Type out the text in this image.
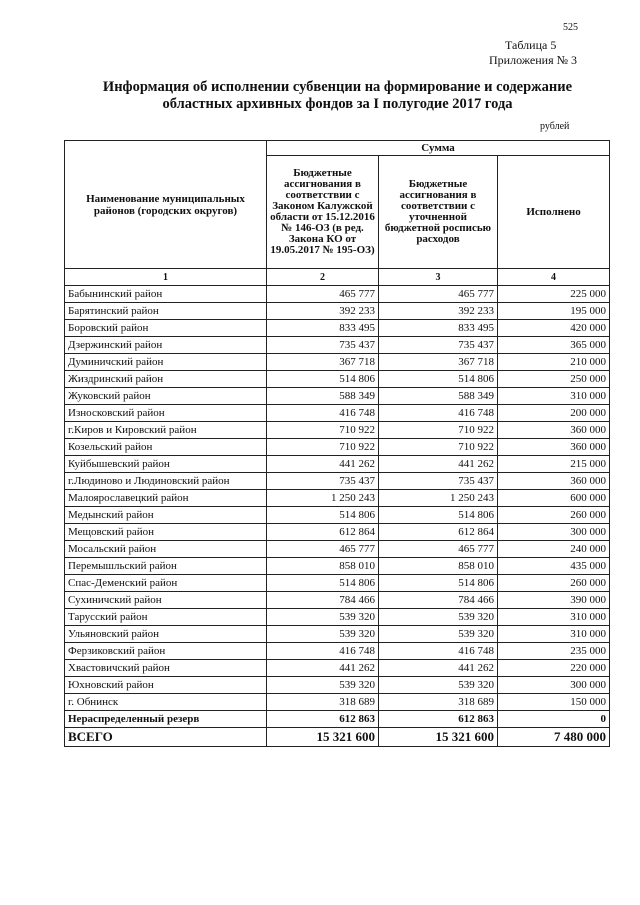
525
Таблица 5
Приложения № 3
Информация об исполнении субвенции на формирование и содержание
областных архивных фондов за I полугодие 2017 года
рублей
Наименование муниципальных районов (городских округов)	Сумма		
	Бюджетные ассигнования в соответствии с Законом Калужской области от 15.12.2016 № 146-ОЗ (в ред. Закона КО от 19.05.2017 № 195-ОЗ)	Бюджетные ассигнования в соответствии с уточненной бюджетной росписью расходов	Исполнено
1	2	3	4
Бабынинский район	465 777	465 777	225 000
Барятинский район	392 233	392 233	195 000
Боровский район	833 495	833 495	420 000
Дзержинский район	735 437	735 437	365 000
Думиничский район	367 718	367 718	210 000
Жиздринский район	514 806	514 806	250 000
Жуковский район	588 349	588 349	310 000
Износковский район	416 748	416 748	200 000
г.Киров и Кировский район	710 922	710 922	360 000
Козельский район	710 922	710 922	360 000
Куйбышевский район	441 262	441 262	215 000
г.Людиново и Людиновский район	735 437	735 437	360 000
Малоярославецкий район	1 250 243	1 250 243	600 000
Медынский район	514 806	514 806	260 000
Мещовский район	612 864	612 864	300 000
Мосальский район	465 777	465 777	240 000
Перемышльский район	858 010	858 010	435 000
Спас-Деменский район	514 806	514 806	260 000
Сухиничский район	784 466	784 466	390 000
Тарусский район	539 320	539 320	310 000
Ульяновский район	539 320	539 320	310 000
Ферзиковский район	416 748	416 748	235 000
Хвастовичский район	441 262	441 262	220 000
Юхновский район	539 320	539 320	300 000
г. Обнинск	318 689	318 689	150 000
Нераспределенный резерв	612 863	612 863	0
ВСЕГО	15 321 600	15 321 600	7 480 000
